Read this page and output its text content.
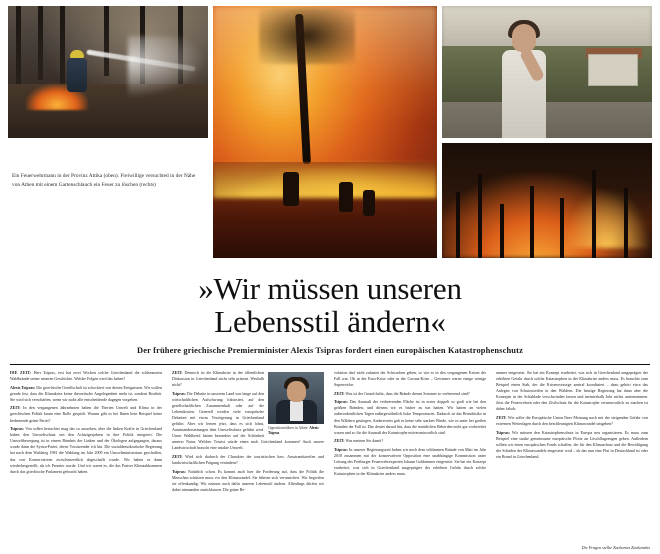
Ein Feuerwehrmann in der Provinz Attika (oben). Freiwillige versuchted in der Nähe von Athen mit einem Gartenschlauch ein Feuer zu löschen (rechts)
»Wir müssen unseren
Lebensstil ändern«
Der frühere griechische Premierminister Alexis Tsipras fordert einen europäischen Katastrophenschutz

DIE ZEIT: Herr Tsipras, erst hat zwei Wochen solche Griechenland die schlimmsten Waldbrände seiner neueren Geschichte. Welche Folgen wird das haben?

Alexis Tsipras: Die griechische Gesellschaft ist schockiert von diesen Ereignissen. Wir wollen gerade fest, dass die Klimakrise keine theoretische Angelegenheit mehr ist, sondern Realität. Sie wird sich verschärfen, wenn wir nicht alle entscheidende dagegen vorgehen.

ZEIT: In den vergangenen Jahrzehnten haben die Therien Unwelt und Klima in der griechischen Politik kaum eine Rolle gespielt. Warum gibt es bei Ihnen kein Beispiel keine bedeutende grüne Partei?

Tsipras: Von sollen betrachtet mag das so aussehen, aber die linken Kräfte in Griechenland haben den Umweltschutz seit den Achtzigerjahren in ihre Politik integriert. Die Umweltbewegung ist in einem Bündnis der Linken und der Ökologen aufgegangen, daraus wurde dann die Syriza-Partei, deren Vorsitzender ich bin. Die sozialdemokratische Regierung hat nach dem Wahlsieg 1981 die Wahlung im Jahr 2009 ein Umweltministerium geschaffen, das von Konservativen zwischenzeitlich abgeschafft wurde. Wir haben es dann wiederhergestellt, als ich Premier wurde. Und wir waren es, die das Pariser Klimaabkommen durch das griechische Parlament gebracht haben.

Oppositionsführer in Athen: Alexis Tsipras

ZEIT: Dennoch ist die Klimakrise in der öffentlichen Diskussion in Griechenland nicht sehr präsent. Weshalb nicht?

Tsipras: Die Debatte in unserem Land war lange auf den wirtschaftlichen Aufschwung fokussiert, auf den gesellschaftlichen Zusammenhalt oder auf die Lebenskosten. Generell werden viele europäische Debatten mit etwas Verzögerung in Griechenland geführt. Aber wir lernen jetzt, dass es sich lohnt, Auseinandersetzungen über Umweltschutz geführt wird. Unser Wahlkreid hatten besonders auf der Schönheit unserer Natur. Welcher Tourist würde einen nach Griechenland kommen? Auch unsere Landwirtschaft braucht eine intakte Umwelt.

ZEIT: Wird sich dadurch der Charakter der touristischen bzw. Ausstrandstreifen und landwirtschaftlichen Prägung verändern?

Tsipras: Natürlich schon. Es kommt auch hier die Forderung auf, dass die Politik die Menschen schützen muss vor den Klimawandel. Sie führten sich verunsichert. Wir begreifen sie offenkundig. Wir müssen auch dafür unseren Lebensstil ändern. Allerdings dürfen wir dabei niemanden zurücklassen. Die grüne Re-

volution darf nicht zulasten der Schwachen gehen, so wie es in den vergangenen Krisen der Fall war. Oh in der Euro-Krise oder in der Corona-Krise – Gewinner waren einige wenige Superreiche.

ZEIT: Was ist der Grund dafür, dass die Brände diesen Sommer so verheerend sind?

Tsipras: Das Ausmaß der verheerenden Fläche ist in erster doppelt so groß wie bei den größten Bränden, und diesem wir es bisher zu tun hatten. Wir hatten an vielen außerordentlichen Tagen außergewöhnlich hohe Temperaturen. Dadurch ist das Brandrisiko in den Wäldern gestiegen. Andererseits gab es keine sehr starken Winde, wie es unter bei großen Bränden der Fall ist. Das deutet darauf hin, dass die natürlichen Behörden nicht gut vorbereitet waren und so für die Ausmaß der Katastrophe mitverantwortlich sind.

ZEIT: Was meinen Sie damit?

Tsipras: In unserer Regierungszeit haben wir nach dem schlimmen Brände von Mati im Jahr 2018 zusammen mit der konservativen Opposition eine unabhängige Kommission unter Leitung des Freiburger Feuerwehrexperten Johann Goldammer eingesetzt. Sie hat ein Konzept erarbeitet, was sich in Griechenland ausgeprägter der erhöhten Gefahr durch solche Katastrophen in der Klimakrise anders muss.

ammer eingesetzt. Sie hat ein Konzept erarbeitet, was sich in Griechenland ausgeprägter der erhöhten Gefahr durch solche Katastrophen in der Klimakrise anders muss. Es brauchte zum Beispiel einen Stab, der die Krisenvorsorge zentral koordiniert – dazu gehört etwa das Anlegen von Schutzstreifen in den Wäldern. Die heutige Regierung hat dann aber die Konzepte in der Schublade verschwinden lassen und meinterhalb Jahr nichts unternommen. Jetzt die Feuerwehren oder den Zivilschutz für die Katastrophe verantwortlich zu machen ist daher falsch.

ZEIT: Wie sollte die Europäische Union Ihrer Meinung nach mit der steigenden Gefahr von extremen Wetterlagen durch den beschleunigten Klimawandel umgehen?

Tsipras: Wir müssen den Katastrophenschutz in Europa neu organisieren. Es muss zum Beispiel eine starke gemeinsame europäische Flotte an Löschflugzeugen geben. Außerdem sollten wir einen europäischen Fonds schaffen, der für den Klimaschutz und die Bewältigung der Schäden der Klimawandels eingesetzt wird – ob das nun eine Flut in Deutschland ist oder ein Brand in Griechenland.

Die Fragen stellte Zacharias Zacharakis
